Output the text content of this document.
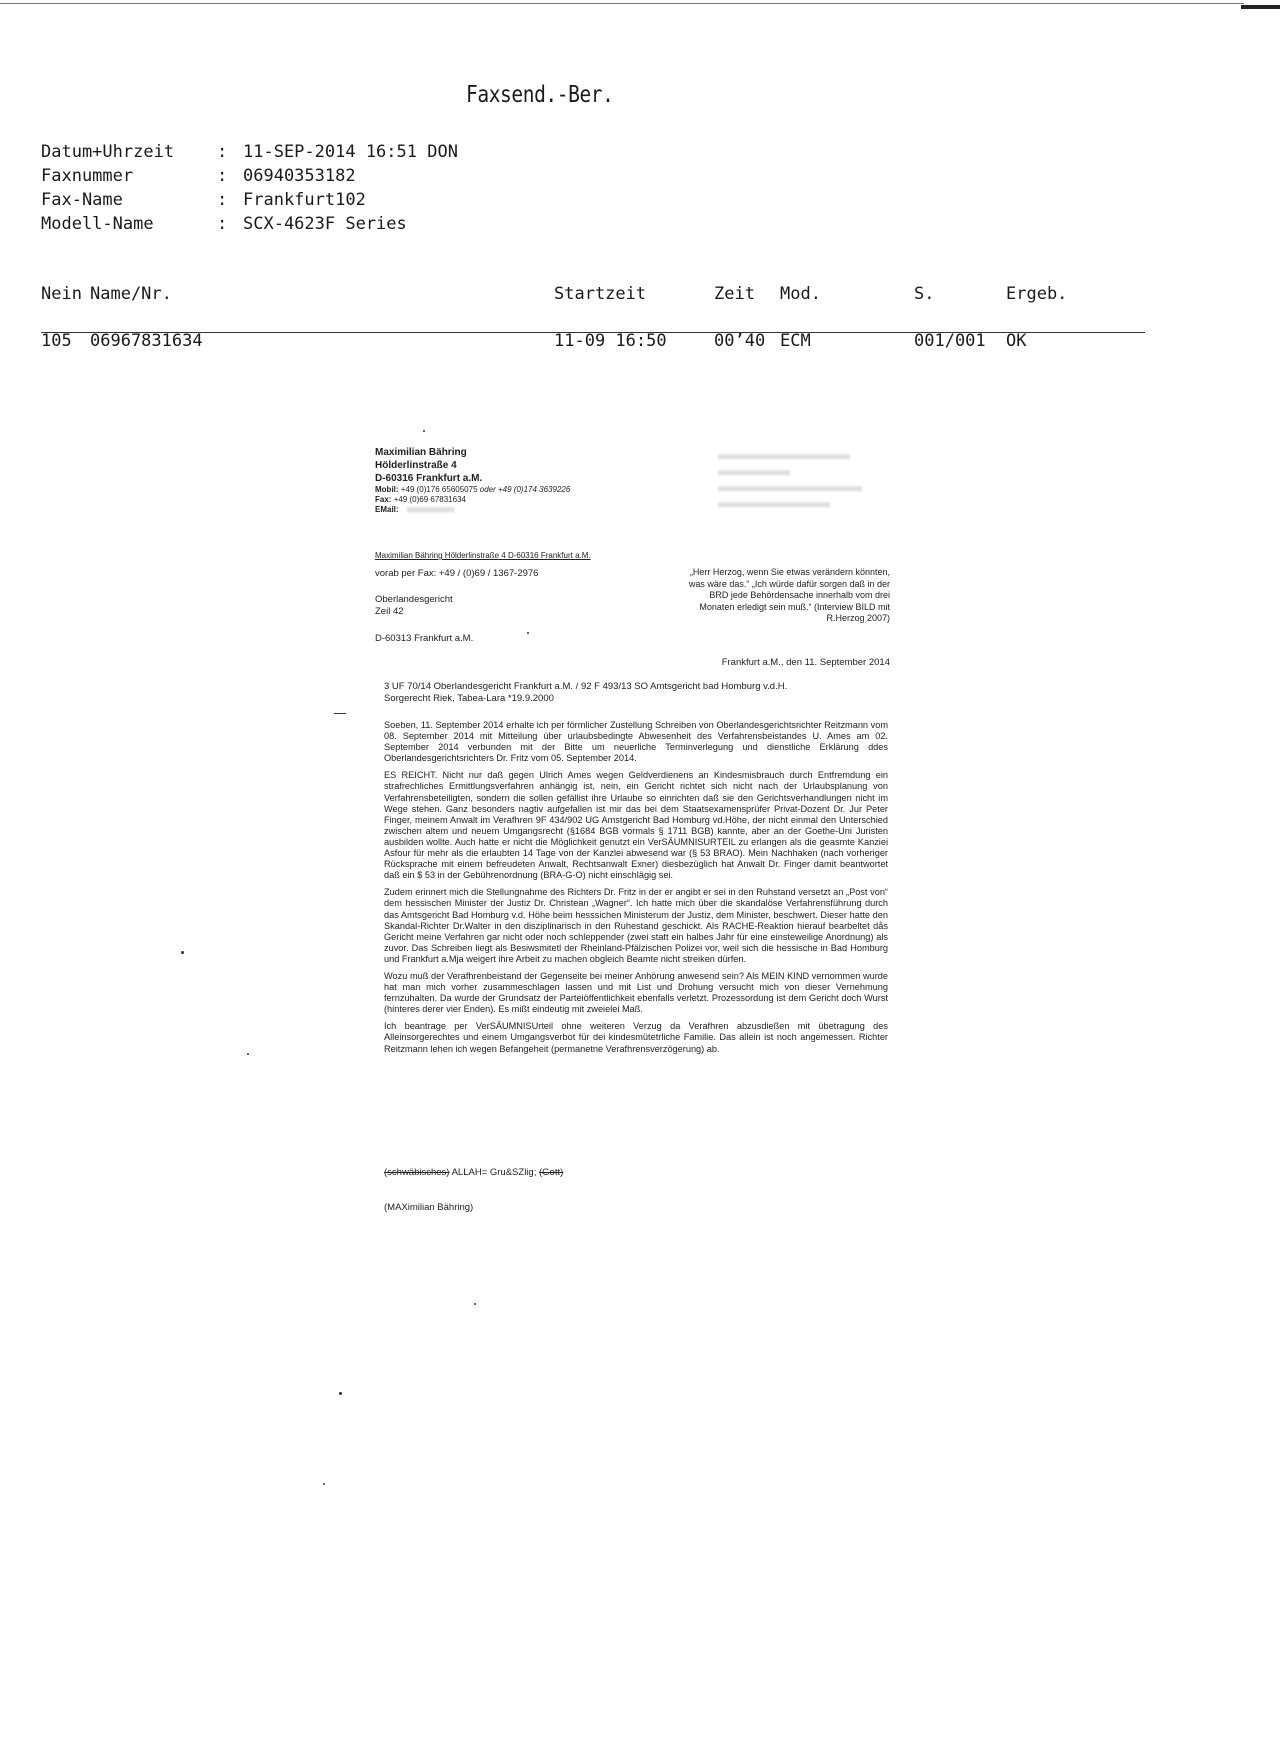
Faxsend.-Ber.
Datum+Uhrzeit	: 11-SEP-2014 16:51 DON
Faxnummer	: 06940353182
Fax-Name	: Frankfurt102
Modell-Name	: SCX-4623F Series
Nein Name/Nr.	Startzeit	Zeit Mod.	S.	Ergeb.
105 06967831634	11-09 16:50	00’40 ECM	001/001 OK
Maximilian Bähring
Hölderlinstraße 4
D-60316 Frankfurt a.M.
Mobil: +49 (0)176 65605075 oder +49 (0)174 3639226
Fax: +49 (0)69 67831634
EMail: xxxxxxxxxxxx
xxxxxxxxxxxxxxxxxxxxxxxxxxxxxxxxx
xxxxxxxxxxxxxxxxxx
xxxxxxxxxxxxxxxxxxxxxxxxxxxxxxxxxxxx
xxxxxxxxxxxxxxxxxxxxxxxxxxxx
Maximilian Bähring Hölderlinstraße 4 D-60316 Frankfurt a.M.
vorab per Fax: +49 / (0)69 / 1367-2976
Oberlandesgericht
Zeil 42
D-60313 Frankfurt a.M.
„Herr Herzog, wenn Sie etwas verändern könnten, was wäre das.“ „Ich würde dafür sorgen daß in der BRD jede Behördensache innerhalb vom drei Monaten erledigt sein muß.“ (Interview BILD mit R.Herzog 2007)
Frankfurt a.M., den 11. September 2014
3 UF 70/14 Oberlandesgericht Frankfurt a.M. / 92 F 493/13 SO Amtsgericht bad Homburg v.d.H.
Sorgerecht Riek, Tabea-Lara *19.9.2000

Soeben, 11. September 2014 erhalte ich per förmlicher Zustellung Schreiben von Oberlandesgerichtsrichter Reitzmann vom 08. September 2014 mit Mitteilung über urlaubsbedingte Abwesenheit des Verfahrensbeistandes U. Ames am 02. September 2014 verbunden mit der Bitte um neuerliche Terminverlegung und dienstliche Erklärung ddes Oberlandesgerichtsrichters Dr. Fritz vom 05. September 2014.

ES REICHT. Nicht nur daß gegen Ulrich Ames wegen Geldverdienens an Kindesmisbrauch durch Entfremdung ein strafrechliches Ermittlungsverfahren anhängig ist, nein, ein Gericht richtet sich nicht nach der Urlaubsplanung von Verfahrensbeteiligten, sondern die sollen gefällist ihre Urlaube so einrichten daß sie den Gerichtsverhandlungen nicht im Wege stehen. Ganz besonders nagtiv aufgefallen ist mir das bei dem Staatsexamensprüfer Privat-Dozent Dr. Jur Peter Finger, meinem Anwalt im Verafhren 9F 434/902 UG Amstgericht Bad Homburg vd.Höhe, der nicht einmal den Unterschied zwischen altem und neuem Umgangsrecht (§1684 BGB vormals § 1711 BGB) kannte, aber an der Goethe-Uni Juristen ausbilden wollte. Auch hatte er nicht die Möglichkeit genutzt ein VerSÄUMNISURTEIL zu erlangen als die geasmte Kanziei Asfour für mehr als die erlaubten 14 Tage von der Kanzlei abwesend war (§ 53 BRAO). Mein Nachhaken (nach vorheriger Rücksprache mit einem befreudeten Anwalt, Rechtsanwalt Exner) diesbezüglich hat Anwalt Dr. Finger damit beantwortet daß ein $ 53 in der Gebührenordnung (BRA-G-O) nicht einschlägig sei.

Zudem erinnert mich die Stellungnahme des Richters Dr. Fritz in der er angibt er sei in den Ruhstand versetzt an „Post von“ dem hessischen Minister der Justiz Dr. Christean „Wagner“. Ich hatte mich über die skandalöse Verfahrensführung durch das Amtsgericht Bad Homburg v.d. Höhe beim hesssichen Ministerum der Justiz, dem Minister, beschwert. Dieser hatte den Skandal-Richter Dr.Walter in den disziplinarisch in den Ruhestand geschickt. Als RACHE-Reaktion hierauf bearbeltet dås Gericht meine Verfahren gar nicht oder noch schleppender (zwei statt ein halbes Jahr für eine einsteweilige Anordnung) als zuvor. Das Schreiben liegt als Besiwsmitetl der Rheinland-Pfälzischen Polizei vor, weil sich die hessische in Bad Homburg und Frankfurt a.Mja weigert ihre Arbeit zu machen obgleich Beamte nicht streiken dürfen.

Wozu muß der Verafhrenbeistand der Gegenseite bei meiner Anhörung anwesend sein? Als MEIN KIND vernommen wurde hat man mich vorher zusammeschlagen lassen und mit List und Drohung versucht mich von dieser Vernehmung fernzuhalten. Da wurde der Grundsatz der Parteiöffentlichkeit ebenfalls verletzt. Prozessordung ist dem Gericht doch Wurst (hinteres derer vier Enden). Es mißt eindeutig mit zweielei Maß.

Ich beantrage per VerSÄUMNISUrteil ohne weiteren Verzug da Verafhren abzusdießen mit übetragung des Alleinsorgerechtes und einem Umgangsverbot für dei kindesmütetrliche Familie. Das allein ist noch angemessen. Richter Reitzmann lehen ich wegen Befangeheit (permanetne Verafhrensverzögerung) ab.

(schwäbisches) ALLAH= Gru&SZlig; (Gott)
(MAXimilian Bähring)
